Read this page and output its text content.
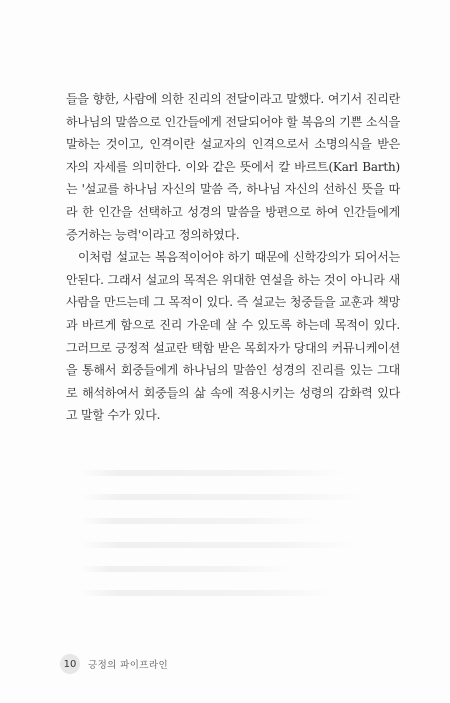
들을 향한, 사람에 의한 진리의 전달이라고 말했다. 여기서 진리란 하나님의 말씀으로 인간들에게 전달되어야 할 복음의 기쁜 소식을 말하는 것이고, 인격이란 설교자의 인격으로서 소명의식을 받은 자의 자세를 의미한다. 이와 같은 뜻에서 칼 바르트(Karl Barth)는 '설교를 하나님 자신의 말씀 즉, 하나님 자신의 선하신 뜻을 따라 한 인간을 선택하고 성경의 말씀을 방편으로 하여 인간들에게 증거하는 능력'이라고 정의하였다.

이처럼 설교는 복음적이어야 하기 때문에 신학강의가 되어서는 안된다. 그래서 설교의 목적은 위대한 연설을 하는 것이 아니라 새사람을 만드는데 그 목적이 있다. 즉 설교는 청중들을 교훈과 책망과 바르게 함으로 진리 가운데 살 수 있도록 하는데 목적이 있다. 그러므로 긍정적 설교란 택함 받은 목회자가 당대의 커뮤니케이션을 통해서 회중들에게 하나님의 말씀인 성경의 진리를 있는 그대로 해석하여서 회중들의 삶 속에 적용시키는 성령의 감화력 있다고 말할 수가 있다.

10	긍정의 파이프라인
